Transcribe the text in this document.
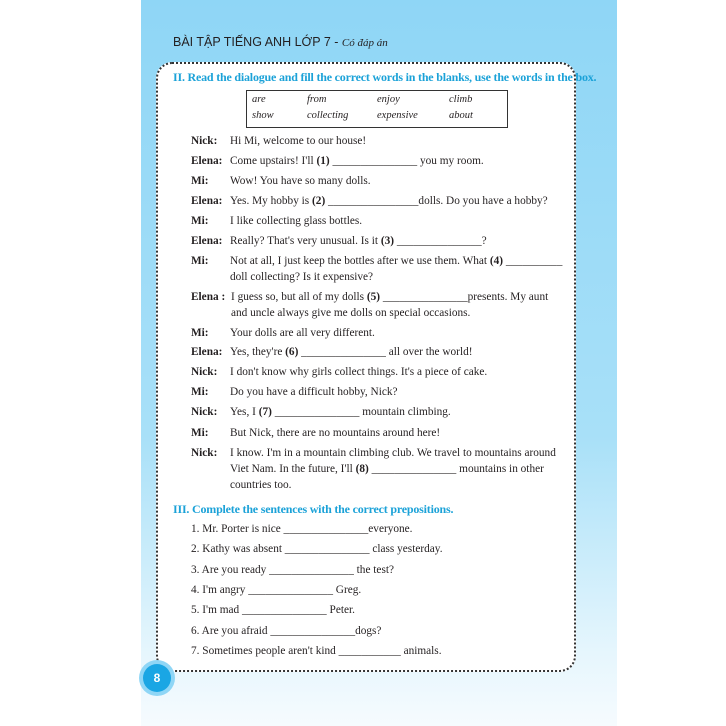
BÀI TẬP TIẾNG ANH LỚP 7 - Có đáp án
II. Read the dialogue and fill the correct words in the blanks, use the words in the box.
are	from	enjoy	climb
show	collecting	expensive	about
Nick: Hi Mi, welcome to our house!
Elena: Come upstairs! I'll (1) _______________ you my room.
Mi: Wow! You have so many dolls.
Elena: Yes. My hobby is (2) ________________dolls. Do you have a hobby?
Mi: I like collecting glass bottles.
Elena: Really? That's very unusual. Is it (3) _______________?
Mi: Not at all, I just keep the bottles after we use them. What (4) __________
doll collecting? Is it expensive?
Elena : I guess so, but all of my dolls (5) _______________presents. My aunt
and uncle always give me dolls on special occasions.
Mi: Your dolls are all very different.
Elena: Yes, they're (6) _______________ all over the world!
Nick: I don't know why girls collect things. It's a piece of cake.
Mi: Do you have a difficult hobby, Nick?
Nick: Yes, I (7) _______________ mountain climbing.
Mi: But Nick, there are no mountains around here!
Nick: I know. I'm in a mountain climbing club. We travel to mountains around
Viet Nam. In the future, I'll (8) _______________ mountains in other
countries too.
III. Complete the sentences with the correct prepositions.
1. Mr. Porter is nice _______________everyone.
2. Kathy was absent _______________ class yesterday.
3. Are you ready _______________ the test?
4. I'm angry _______________ Greg.
5. I'm mad _______________ Peter.
6. Are you afraid _______________dogs?
7. Sometimes people aren't kind ___________ animals.
8
